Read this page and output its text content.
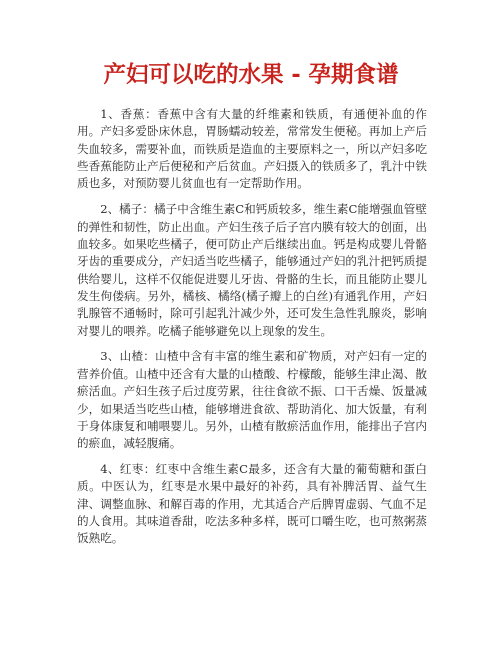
产妇可以吃的水果 - 孕期食谱

1、香蕉：香蕉中含有大量的纤维素和铁质，有通便补血的作用。产妇多爱卧床休息，胃肠蠕动较差，常常发生便秘。再加上产后失血较多，需要补血，而铁质是造血的主要原料之一，所以产妇多吃些香蕉能防止产后便秘和产后贫血。产妇摄入的铁质多了，乳汁中铁质也多，对预防婴儿贫血也有一定帮助作用。

2、橘子：橘子中含维生素C和钙质较多，维生素C能增强血管壁的弹性和韧性，防止出血。产妇生孩子后子宫内膜有较大的创面，出血较多。如果吃些橘子，便可防止产后继续出血。钙是构成婴儿骨骼牙齿的重要成分，产妇适当吃些橘子，能够通过产妇的乳汁把钙质提供给婴儿，这样不仅能促进婴儿牙齿、骨骼的生长，而且能防止婴儿发生佝偻病。另外，橘核、橘络(橘子瓣上的白丝)有通乳作用，产妇乳腺管不通畅时，除可引起乳汁减少外，还可发生急性乳腺炎，影响对婴儿的喂养。吃橘子能够避免以上现象的发生。

3、山楂：山楂中含有丰富的维生素和矿物质，对产妇有一定的营养价值。山楂中还含有大量的山楂酸、柠檬酸，能够生津止渴、散瘀活血。产妇生孩子后过度劳累，往往食欲不振、口干舌燥、饭量减少，如果适当吃些山楂，能够增进食欲、帮助消化、加大饭量，有利于身体康复和哺喂婴儿。另外，山楂有散瘀活血作用，能排出子宫内的瘀血，减轻腹痛。

4、红枣：红枣中含维生素C最多，还含有大量的葡萄糖和蛋白质。中医认为，红枣是水果中最好的补药，具有补脾活胃、益气生津、调整血脉、和解百毒的作用，尤其适合产后脾胃虚弱、气血不足的人食用。其味道香甜，吃法多种多样，既可口嚼生吃，也可熬粥蒸饭熟吃。
